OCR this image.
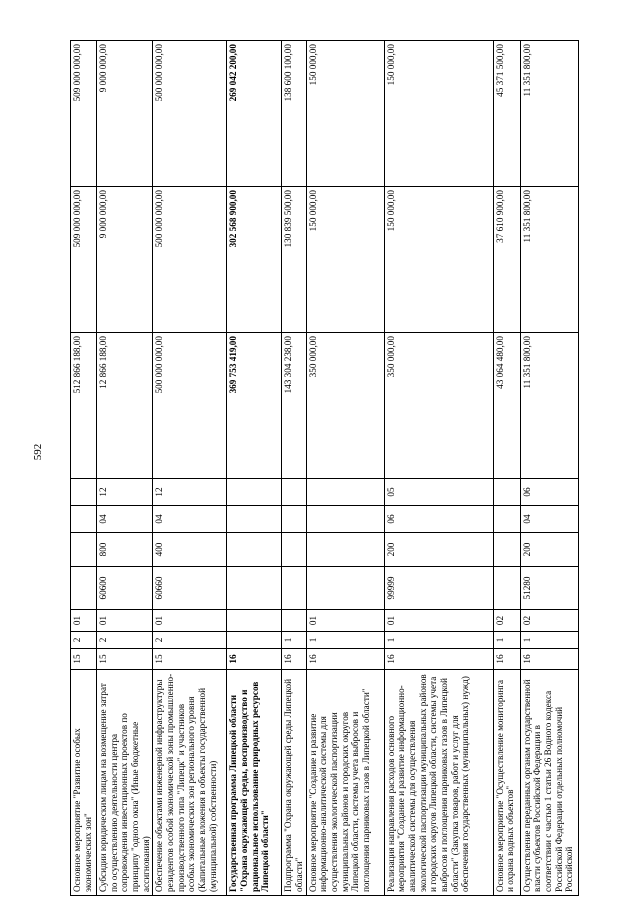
592
Основное мероприятие "Развитие особых экономических зон"	15	2	01					512 866 188,00	509 000 000,00	509 000 000,00
Субсидии юридическим лицам на возмещение затрат по осуществлению деятельности центра сопровождения инвестиционных проектов по принципу "одного окна" (Иные бюджетные ассигнования)	15	2	01	60600	800	04	12	12 866 188,00	9 000 000,00	9 000 000,00
Обеспечение объектами инженерной инфраструктуры резидентов особой экономической зоны промышленно-производственного типа "Липецк" и участников особых экономических зон регионального уровня (Капитальные вложения в объекты государственной (муниципальной) собственности)	15	2	01	60660	400	04	12	500 000 000,00	500 000 000,00	500 000 000,00
Государственная программа Липецкой области "Охрана окружающей среды, воспроизводство и рациональное использование природных ресурсов Липецкой области"	16							369 753 419,00	302 568 900,00	269 042 200,00
Подпрограмма "Охрана окружающей среды Липецкой области"	16	1						143 304 238,00	130 839 500,00	138 600 100,00
Основное мероприятие "Создание и развитие информационно-аналитической системы для осуществления экологической паспортизации муниципальных районов и городских округов Липецкой области, системы учета выбросов и поглощения парниковых газов в Липецкой области"	16	1	01					350 000,00	150 000,00	150 000,00
Реализация направления расходов основного мероприятия "Создание и развитие информационно-аналитической системы для осуществления экологической паспортизации муниципальных районов и городских округов Липецкой области, системы учета выбросов и поглощения парниковых газов в Липецкой области" (Закупка товаров, работ и услуг для обеспечения государственных (муниципальных) нужд)	16	1	01	99999	200	06	05	350 000,00	150 000,00	150 000,00
Основное мероприятие "Осуществление мониторинга и охрана водных объектов"	16	1	02					43 064 480,00	37 610 900,00	45 371 500,00
Осуществление переданных органам государственной власти субъектов Российской Федерации в соответствии с частью 1 статьи 26 Водного кодекса Российской Федерации отдельных полномочий Российской	16	1	02	51280	200	04	06	11 351 800,00	11 351 800,00	11 351 800,00
